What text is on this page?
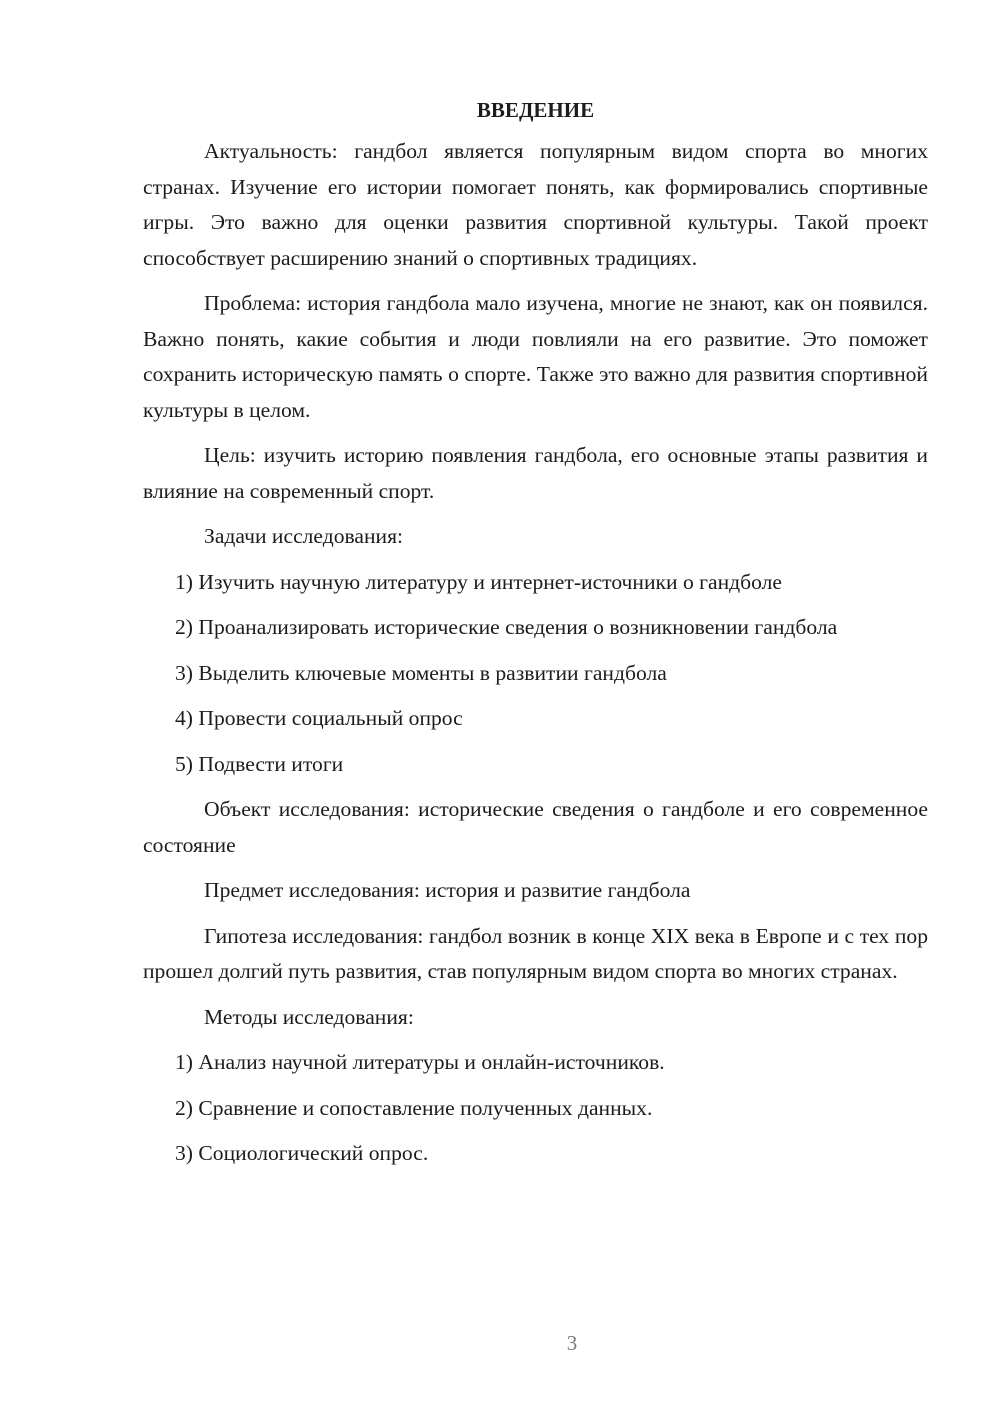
ВВЕДЕНИЕ

Актуальность: гандбол является популярным видом спорта во многих странах. Изучение его истории помогает понять, как формировались спортивные игры. Это важно для оценки развития спортивной культуры. Такой проект способствует расширению знаний о спортивных традициях.

Проблема: история гандбола мало изучена, многие не знают, как он появился. Важно понять, какие события и люди повлияли на его развитие. Это поможет сохранить историческую память о спорте. Также это важно для развития спортивной культуры в целом.

Цель: изучить историю появления гандбола, его основные этапы развития и влияние на современный спорт.

Задачи исследования:

1) Изучить научную литературу и интернет-источники о гандболе

2) Проанализировать исторические сведения о возникновении гандбола

3) Выделить ключевые моменты в развитии гандбола

4) Провести социальный опрос

5) Подвести итоги

Объект исследования: исторические сведения о гандболе и его современное состояние

Предмет исследования: история и развитие гандбола

Гипотеза исследования: гандбол возник в конце XIX века в Европе и с тех пор прошел долгий путь развития, став популярным видом спорта во многих странах.

Методы исследования:

1) Анализ научной литературы и онлайн-источников.

2) Сравнение и сопоставление полученных данных.

3) Социологический опрос.

3
